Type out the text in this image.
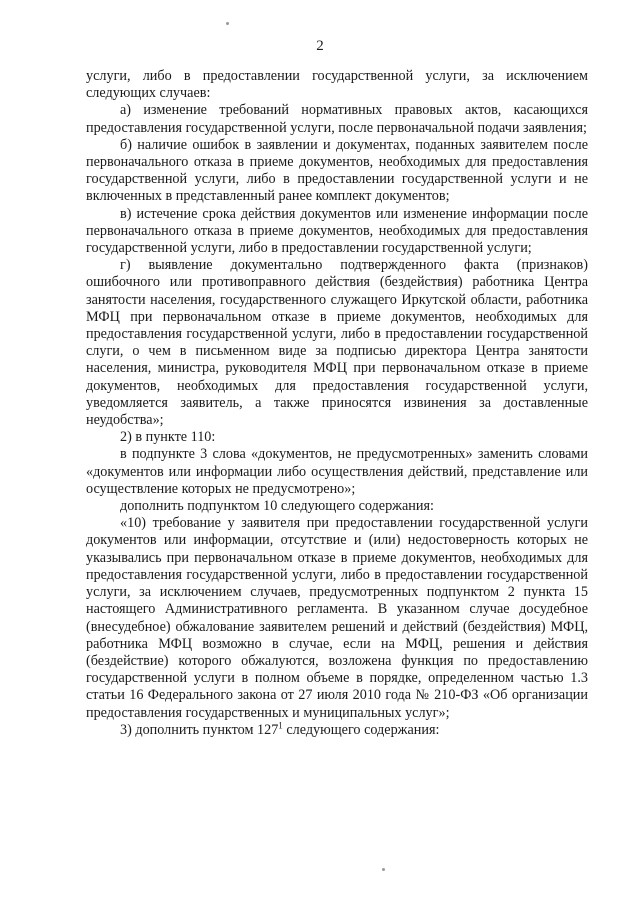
2

услуги, либо в предоставлении государственной услуги, за исключением следующих случаев:

а) изменение требований нормативных правовых актов, касающихся предоставления государственной услуги, после первоначальной подачи заявления;

б) наличие ошибок в заявлении и документах, поданных заявителем после первоначального отказа в приеме документов, необходимых для предоставления государственной услуги, либо в предоставлении государственной услуги и не включенных в представленный ранее комплект документов;

в) истечение срока действия документов или изменение информации после первоначального отказа в приеме документов, необходимых для предоставления государственной услуги, либо в предоставлении государственной услуги;

г) выявление документально подтвержденного факта (признаков) ошибочного или противоправного действия (бездействия) работника Центра занятости населения, государственного служащего Иркутской области, работника МФЦ при первоначальном отказе в приеме документов, необходимых для предоставления государственной услуги, либо в предоставлении государственной слуги, о чем в письменном виде за подписью директора Центра занятости населения, министра, руководителя МФЦ при первоначальном отказе в приеме документов, необходимых для предоставления государственной услуги, уведомляется заявитель, а также приносятся извинения за доставленные неудобства»;

2) в пункте 110:

в подпункте 3 слова «документов, не предусмотренных» заменить словами «документов или информации либо осуществления действий, представление или осуществление которых не предусмотрено»;

дополнить подпунктом 10 следующего содержания:

«10) требование у заявителя при предоставлении государственной услуги документов или информации, отсутствие и (или) недостоверность которых не указывались при первоначальном отказе в приеме документов, необходимых для предоставления государственной услуги, либо в предоставлении государственной услуги, за исключением случаев, предусмотренных подпунктом 2 пункта 15 настоящего Административного регламента. В указанном случае досудебное (внесудебное) обжалование заявителем решений и действий (бездействия) МФЦ, работника МФЦ возможно в случае, если на МФЦ, решения и действия (бездействие) которого обжалуются, возложена функция по предоставлению государственной услуги в полном объеме в порядке, определенном частью 1.3 статьи 16 Федерального закона от 27 июля 2010 года № 210-ФЗ «Об организации предоставления государственных и муниципальных услуг»;

3) дополнить пунктом $127^1$ следующего содержания:
